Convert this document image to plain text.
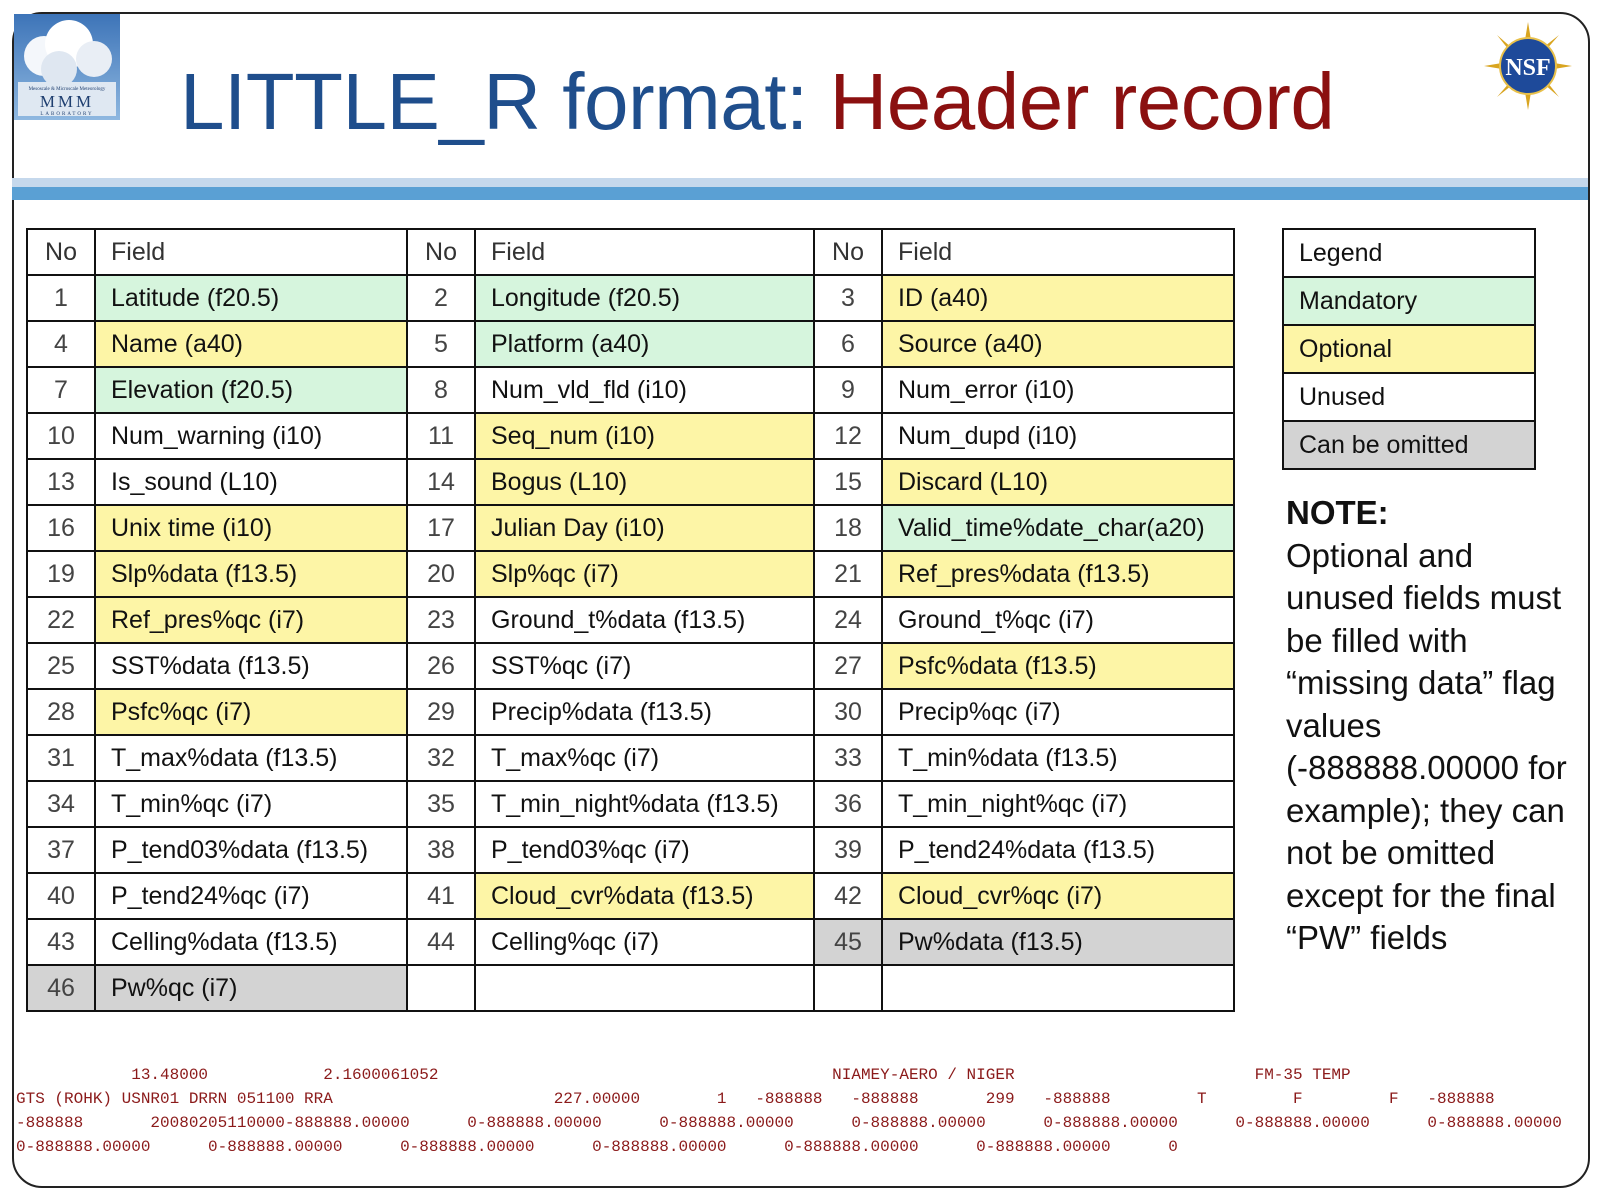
Mesoscale & Microscale Meteorology
MMM
LABORATORY
NSF
LITTLE_R format: Header record
No	Field	No	Field	No	Field
1	Latitude (f20.5)	2	Longitude (f20.5)	3	ID (a40)
4	Name (a40)	5	Platform (a40)	6	Source (a40)
7	Elevation (f20.5)	8	Num_vld_fld (i10)	9	Num_error (i10)
10	Num_warning (i10)	11	Seq_num (i10)	12	Num_dupd (i10)
13	Is_sound (L10)	14	Bogus (L10)	15	Discard (L10)
16	Unix time (i10)	17	Julian Day (i10)	18	Valid_time%date_char(a20)
19	Slp%data (f13.5)	20	Slp%qc (i7)	21	Ref_pres%data (f13.5)
22	Ref_pres%qc (i7)	23	Ground_t%data (f13.5)	24	Ground_t%qc (i7)
25	SST%data (f13.5)	26	SST%qc (i7)	27	Psfc%data (f13.5)
28	Psfc%qc (i7)	29	Precip%data (f13.5)	30	Precip%qc (i7)
31	T_max%data (f13.5)	32	T_max%qc (i7)	33	T_min%data (f13.5)
34	T_min%qc (i7)	35	T_min_night%data (f13.5)	36	T_min_night%qc (i7)
37	P_tend03%data (f13.5)	38	P_tend03%qc (i7)	39	P_tend24%data (f13.5)
40	P_tend24%qc (i7)	41	Cloud_cvr%data (f13.5)	42	Cloud_cvr%qc (i7)
43	Celling%data (f13.5)	44	Celling%qc (i7)	45	Pw%data (f13.5)
46	Pw%qc (i7)				
Legend
Mandatory
Optional
Unused
Can be omitted
NOTE:
Optional and unused fields must be filled with “missing data” flag values (-888888.00000 for example); they can not be omitted except for the final “PW” fields
13.48000            2.1600061052                                         NIAMEY-AERO / NIGER                         FM-35 TEMP
GTS (ROHK) USNR01 DRRN 051100 RRA                       227.00000        1   -888888   -888888       299   -888888         T         F         F   -888888
-888888       20080205110000-888888.00000      0-888888.00000      0-888888.00000      0-888888.00000      0-888888.00000      0-888888.00000      0-888888.00000
0-888888.00000      0-888888.00000      0-888888.00000      0-888888.00000      0-888888.00000      0-888888.00000      0
